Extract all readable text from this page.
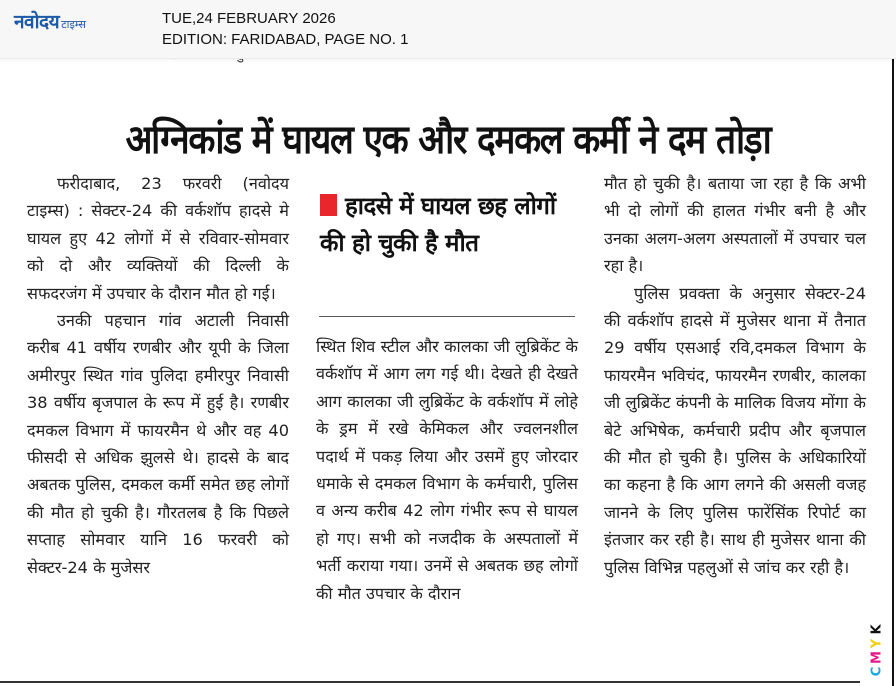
नवोदय टाइम्स	TUE,24 FEBRUARY 2026
EDITION: FARIDABAD, PAGE NO. 1
अग्निकांड में घायल एक और दमकल कर्मी ने दम तोड़ा

फरीदाबाद, 23 फरवरी (नवोदय टाइम्स) : सेक्टर-24 की वर्कशॉप हादसे मे घायल हुए 42 लोगों में से रविवार-सोमवार को दो और व्यक्तियों की दिल्ली के सफदरजंग में उपचार के दौरान मौत हो गई।

उनकी पहचान गांव अटाली निवासी करीब 41 वर्षीय रणबीर और यूपी के जिला अमीरपुर स्थित गांव पुलिदा हमीरपुर निवासी 38 वर्षीय बृजपाल के रूप में हुई है। रणबीर दमकल विभाग में फायरमैन थे और वह 40 फीसदी से अधिक झुलसे थे। हादसे के बाद अबतक पुलिस, दमकल कर्मी समेत छह लोगों की मौत हो चुकी है। गौरतलब है कि पिछले सप्ताह सोमवार यानि 16 फरवरी को सेक्टर-24 के मुजेसर

हादसे में घायल छह लोगों की हो चुकी है मौत

स्थित शिव स्टील और कालका जी लुब्रिकेंट के वर्कशॉप में आग लग गई थी। देखते ही देखते आग कालका जी लुब्रिकेंट के वर्कशॉप में लोहे के ड्रम में रखे केमिकल और ज्वलनशील पदार्थ में पकड़ लिया और उसमें हुए जोरदार धमाके से दमकल विभाग के कर्मचारी, पुलिस व अन्य करीब 42 लोग गंभीर रूप से घायल हो गए। सभी को नजदीक के अस्पतालों में भर्ती कराया गया। उनमें से अबतक छह लोगों की मौत उपचार के दौरान

मौत हो चुकी है। बताया जा रहा है कि अभी भी दो लोगों की हालत गंभीर बनी है और उनका अलग-अलग अस्पतालों में उपचार चल रहा है।

पुलिस प्रवक्ता के अनुसार सेक्टर-24 की वर्कशॉप हादसे में मुजेसर थाना में तैनात 29 वर्षीय एसआई रवि,दमकल विभाग के फायरमैन भविचंद, फायरमैन रणबीर, कालका जी लुब्रिकेंट कंपनी के मालिक विजय मोंगा के बेटे अभिषेक, कर्मचारी प्रदीप और बृजपाल की मौत हो चुकी है। पुलिस के अधिकारियों का कहना है कि आग लगने की असली वजह जानने के लिए पुलिस फारेंसिंक रिपोर्ट का इंतजार कर रही है। साथ ही मुजेसर थाना की पुलिस विभिन्न पहलुओं से जांच कर रही है।

C
M
Y
K
